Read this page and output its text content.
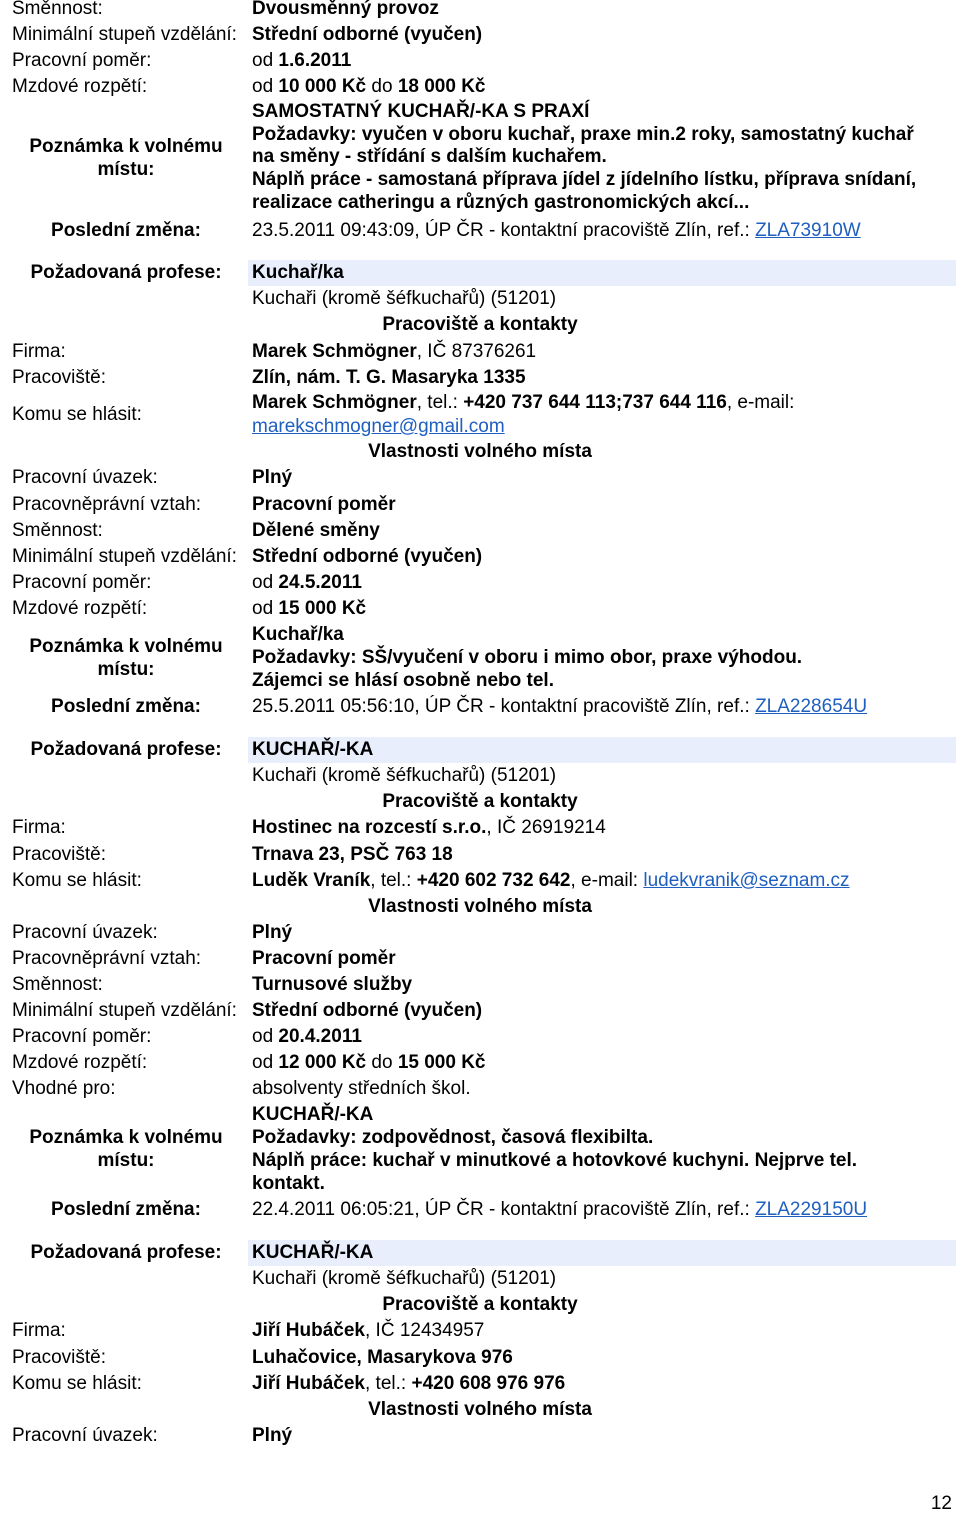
Směnnost:	Dvousměnný provoz
Minimální stupeň vzdělání: Střední odborné (vyučen)
Pracovní poměr:	od 1.6.2011
Mzdové rozpětí:	od 10 000 Kč do 18 000 Kč
SAMOSTATNÝ KUCHAŘ/-KA S PRAXÍ
Požadavky: vyučen v oboru kuchař, praxe min.2 roky, samostatný kuchař
Poznámka k volnému	na směny - střídání s dalším kuchařem.
místu:	Náplň práce - samostaná příprava jídel z jídelního lístku, příprava snídaní,
realizace catheringu a různých gastronomických akcí...
Poslední změna:	23.5.2011 09:43:09, ÚP ČR - kontaktní pracoviště Zlín, ref.: ZLA73910W
Požadovaná profese:	Kuchař/ka
Kuchaři (kromě šéfkuchařů) (51201)
Pracoviště a kontakty
Firma:	Marek Schmögner, IČ 87376261
Pracoviště:	Zlín, nám. T. G. Masaryka 1335
Komu se hlásit:
Marek Schmögner, tel.: +420 737 644 113;737 644 116, e-mail:
marekschmogner@gmail.com
Vlastnosti volného místa
Pracovní úvazek:	Plný
Pracovněprávní vztah:	Pracovní poměr
Směnnost:	Dělené směny
Minimální stupeň vzdělání: Střední odborné (vyučen)
Pracovní poměr:	od 24.5.2011
Mzdové rozpětí:	od 15 000 Kč
Kuchař/ka
Poznámka k volnému
Požadavky: SŠ/vyučení v oboru i mimo obor, praxe výhodou.
místu:
Zájemci se hlásí osobně nebo tel.
Poslední změna:	25.5.2011 05:56:10, ÚP ČR - kontaktní pracoviště Zlín, ref.: ZLA228654U
Požadovaná profese:	KUCHAŘ/-KA
Kuchaři (kromě šéfkuchařů) (51201)
Pracoviště a kontakty
Firma:	Hostinec na rozcestí s.r.o., IČ 26919214
Pracoviště:	Trnava 23, PSČ 763 18
Komu se hlásit:	Luděk Vraník, tel.: +420 602 732 642, e-mail: ludekvranik@seznam.cz
Vlastnosti volného místa
Pracovní úvazek:	Plný
Pracovněprávní vztah:	Pracovní poměr
Směnnost:	Turnusové služby
Minimální stupeň vzdělání: Střední odborné (vyučen)
Pracovní poměr:	od 20.4.2011
Mzdové rozpětí:	od 12 000 Kč do 15 000 Kč
Vhodné pro:	absolventy středních škol.
KUCHAŘ/-KA
Poznámka k volnému	Požadavky: zodpovědnost, časová flexibilta.
místu:	Náplň práce: kuchař v minutkové a hotovkové kuchyni. Nejprve tel.
kontakt.
Poslední změna:	22.4.2011 06:05:21, ÚP ČR - kontaktní pracoviště Zlín, ref.: ZLA229150U
Požadovaná profese:	KUCHAŘ/-KA
Kuchaři (kromě šéfkuchařů) (51201)
Pracoviště a kontakty
Firma:	Jiří Hubáček, IČ 12434957
Pracoviště:	Luhačovice, Masarykova 976
Komu se hlásit:	Jiří Hubáček, tel.: +420 608 976 976
Vlastnosti volného místa
Pracovní úvazek:	Plný
12
